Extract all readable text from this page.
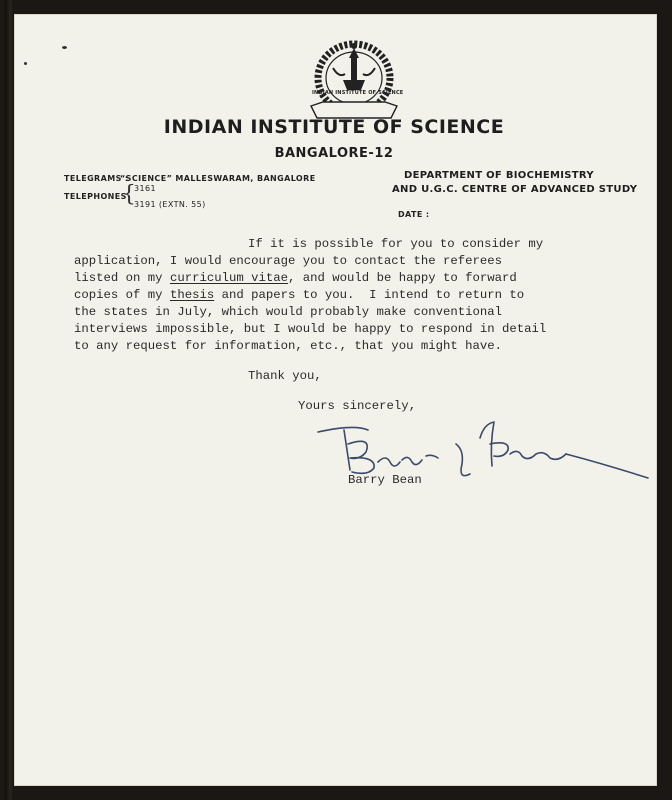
INDIAN INSTITUTE OF SCIENCE
INDIAN INSTITUTE OF SCIENCE
BANGALORE-12
TELEGRAMS :
“SCIENCE” MALLESWARAM, BANGALORE
TELEPHONES
{
3161
3191 (EXTN. 55)
DEPARTMENT OF BIOCHEMISTRY
AND U.G.C. CENTRE OF ADVANCED STUDY
DATE :
If it is possible for you to consider my
application, I would encourage you to contact the referees
listed on my curriculum vitae, and would be happy to forward
copies of my thesis and papers to you.  I intend to return to
the states in July, which would probably make conventional
interviews impossible, but I would be happy to respond in detail
to any request for information, etc., that you might have.
Thank you,
Yours sincerely,
Barry Bean
